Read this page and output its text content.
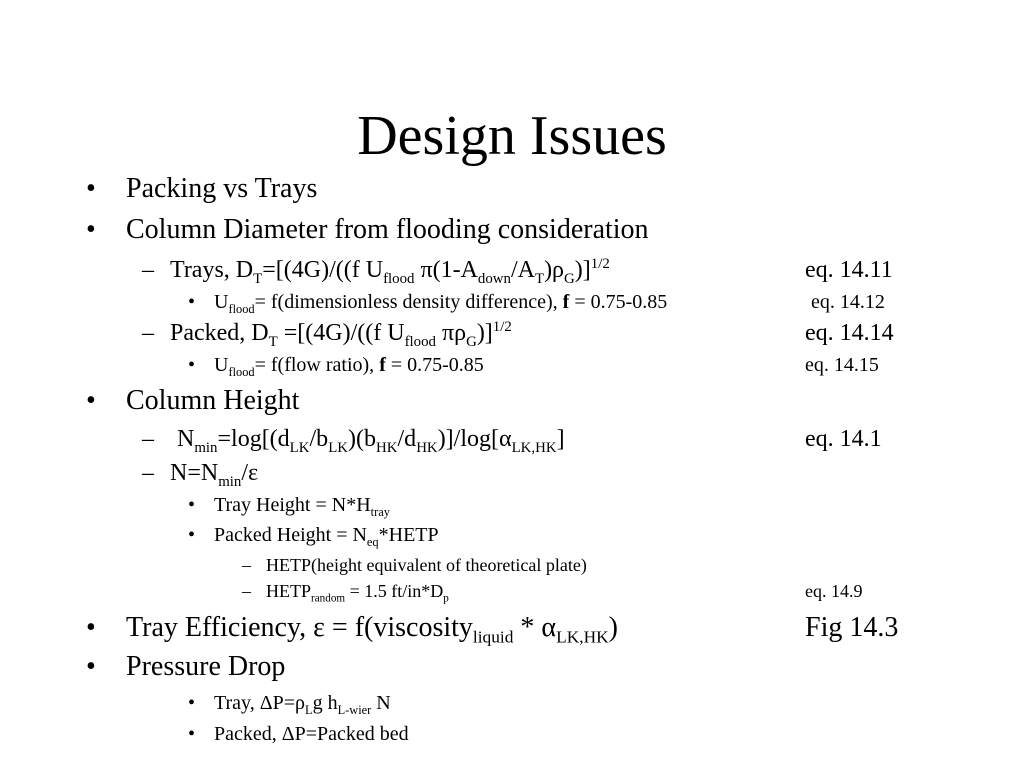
Design Issues
• Packing vs Trays
• Column Diameter from flooding consideration
– Trays, $D_T=[(4G)/((f$ $U_{flood}$ $\pi(1-A_{down}/A_T)\rho_G)]^{1/2}$	eq. 14.11
• $U_{flood}=$ f(dimensionless density difference), f = 0.75-0.85	eq. 14.12
– Packed, $D_T =[(4G)/((f$ $U_{flood}$ $\pi\rho_G)]^{1/2}$	eq. 14.14
• $U_{flood}=$ f(flow ratio), f = 0.75-0.85	eq. 14.15
• Column Height
– $N_{min}=\log[(d_{LK}/b_{LK})(b_{HK}/d_{HK})]/\log[\alpha_{LK,HK}]$	eq. 14.1
– $N=N_{min}/\varepsilon$
• Tray Height = $N*H_{tray}$
• Packed Height = $N_{eq}*HETP$
– HETP(height equivalent of theoretical plate)
– $HETP_{random} = 1.5$ $ft/in*D_p$	eq. 14.9
• Tray Efficiency, ε = f(viscosity$_{liquid}$ * $\alpha_{LK,HK}$)	Fig 14.3
• Pressure Drop
• Tray, $\Delta P=\rho_Lg$ $h_{L-wier}$ N
• Packed, ΔP=Packed bed
